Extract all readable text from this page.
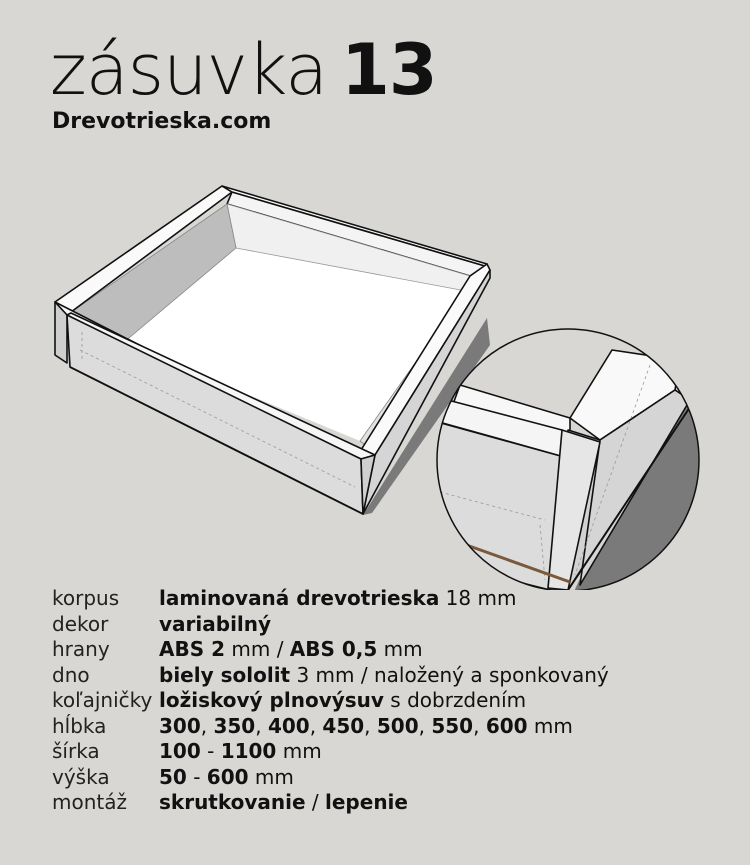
zásuvka 13
Drevotrieska.com
korpus	laminovaná drevotrieska 18 mm
dekor	variabilný
hrany	ABS 2 mm / ABS 0,5 mm
dno	biely sololit 3 mm / naložený a sponkovaný
koľajničky	ložiskový plnovýsuv s dobrzdením
hĺbka	300, 350, 400, 450, 500, 550, 600 mm
šírka	100 - 1100 mm
výška	50 - 600 mm
montáž	skrutkovanie / lepenie
